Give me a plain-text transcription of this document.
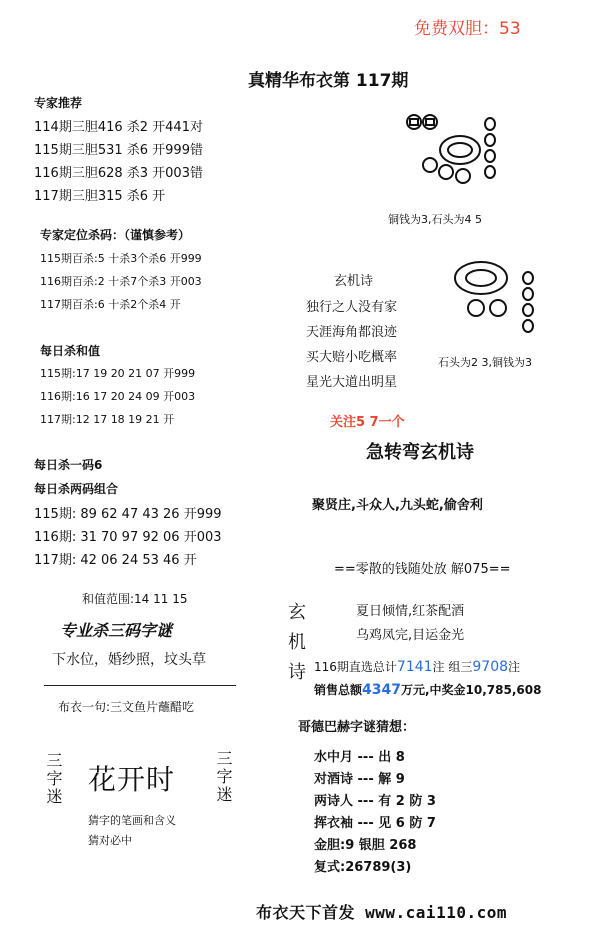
免费双胆：53
真精华布衣第 117期
专家推荐
114期三胆416 杀2 开441对
115期三胆531 杀6 开999错
116期三胆628 杀3 开003错
117期三胆315 杀6 开
专家定位杀码：（谨慎参考）
115期百杀:5 十杀3个杀6 开999
116期百杀:2 十杀7个杀3 开003
117期百杀:6 十杀2个杀4 开
每日杀和值
115期:17 19 20 21 07 开999
116期:16 17 20 24 09 开003
117期:12 17 18 19 21 开
每日杀一码6
每日杀两码组合
115期: 89 62 47 43 26 开999
116期: 31 70 97 92 06 开003
117期: 42 06 24 53 46 开
和值范围:14 11 15
专业杀三码字谜
下水位，婚纱照，坟头草
布衣一句:三文鱼片蘸醋吃
三字迷 花开时 三字迷
猜字的笔画和含义
猜对必中
铜钱为3,石头为4 5
石头为2 3,铜钱为3
玄机诗
独行之人没有家
天涯海角都浪迹
买大赔小吃概率
星光大道出明星
关注5 7一个
急转弯玄机诗
聚贤庄,斗众人,九头蛇,偷舍利
==零散的钱随处放 解075==
玄
机
诗
夏日倾情,红茶配酒
乌鸡凤完,目运金光
116期直选总计7141注 组三9708注
销售总额4347万元,中奖金10,785,608
哥德巴赫字谜猜想：
水中月 --- 出 8
对酒诗 --- 解 9
两诗人 --- 有 2 防 3
挥衣袖 --- 见 6 防 7
金胆:9 银胆 268
复式:26789(3)
布衣天下首发 www.cai110.com
